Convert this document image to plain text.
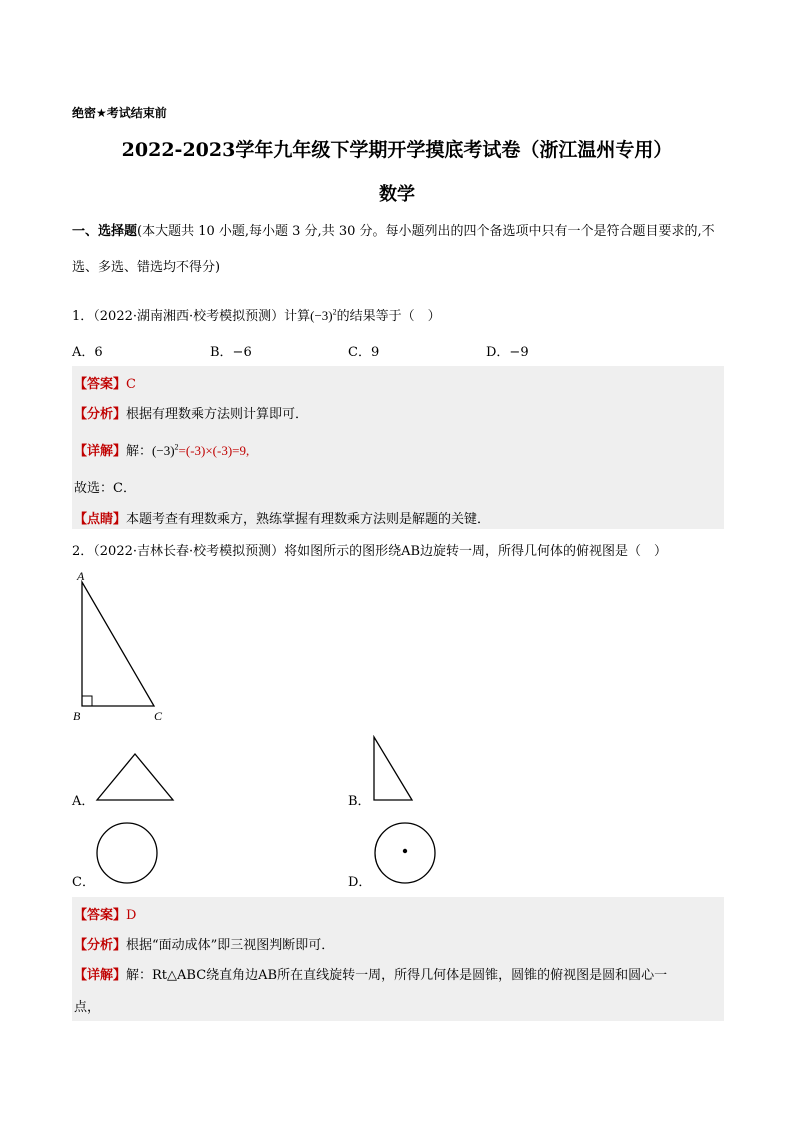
绝密★考试结束前
2022-2023学年九年级下学期开学摸底考试卷（浙江温州专用）
数学
一、选择题(本大题共 10 小题,每小题 3 分,共 30 分。每小题列出的四个备选项中只有一个是符合题目要求的,不选、多选、错选均不得分)
1．（2022·湖南湘西·校考模拟预测）计算$(-3)^2$的结果等于（　）
A．6	B．−6	C．9	D．−9
【答案】C
【分析】根据有理数乘方法则计算即可．
【详解】解：$(-3)^2=(-3)\times(-3)=9$,
故选：C．
【点睛】本题考查有理数乘方，熟练掌握有理数乘方法则是解题的关键．
2．（2022·吉林长春·校考模拟预测）将如图所示的图形绕AB边旋转一周，所得几何体的俯视图是（　）
A
B	C
A．	B．
C．	D．
【答案】D
【分析】根据“面动成体”即三视图判断即可．
【详解】解：Rt△ABC绕直角边AB所在直线旋转一周，所得几何体是圆锥，圆锥的俯视图是圆和圆心一
点，
